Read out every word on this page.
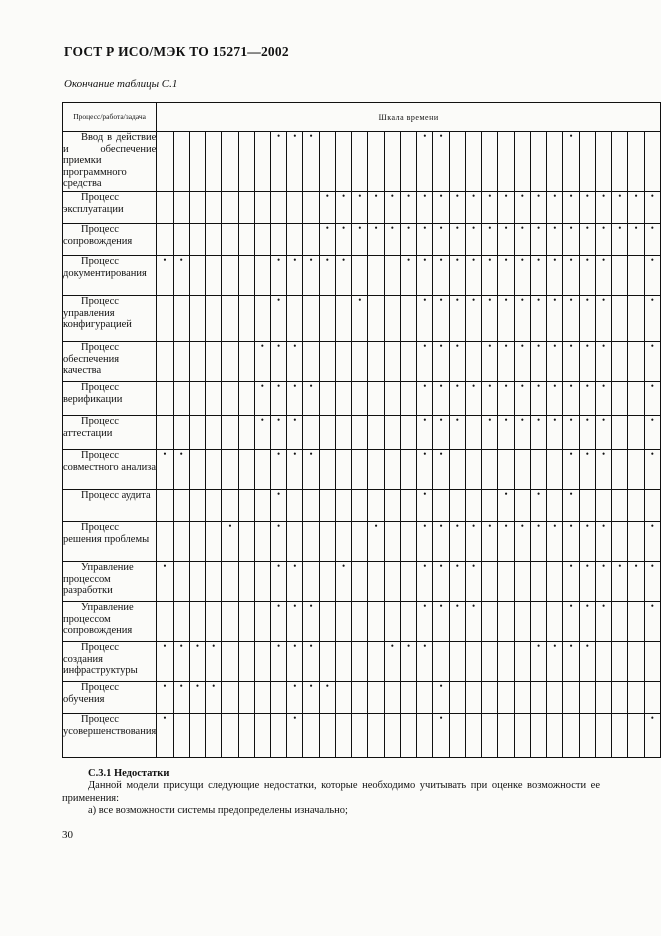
ГОСТ Р ИСО/МЭК ТО 15271—2002
Окончание таблицы С.1
Процесс/работа/задача	Шкала времени																														

Ввод в действие и обеспечение приемки программного средства								•	•	•							•	•								•					

Процесс эксплуатации											•	•	•	•	•	•	•	•	•	•	•	•	•	•	•	•	•	•	•	•	•

Процесс сопровождения											•	•	•	•	•	•	•	•	•	•	•	•	•	•	•	•	•	•	•	•	•

Процесс документирования	•	•						•	•	•	•	•				•	•	•	•	•	•	•	•	•	•	•	•	•			•

Процесс управления конфигурацией								•					•				•	•	•	•	•	•	•	•	•	•	•	•			•

Процесс обеспечения качества							•	•	•								•	•	•		•	•	•	•	•	•	•	•			•

Процесс верификации							•	•	•	•							•	•	•	•	•	•	•	•	•	•	•	•			•

Процесс аттестации							•	•	•								•	•	•		•	•	•	•	•	•	•	•			•

Процесс совместного анализа	•	•						•	•	•							•	•								•	•	•			•

Процесс аудита								•									•					•		•		•					

Процесс решения проблемы					•			•						•			•	•	•	•	•	•	•	•	•	•	•	•			•

Управление процессом разработки	•							•	•			•					•	•	•	•						•	•	•	•	•	•

Управление процессом сопровождения								•	•	•							•	•	•	•						•	•	•			•

Процесс создания инфраструктуры	•	•	•	•				•	•	•					•	•	•							•	•	•	•				

Процесс обучения	•	•	•	•					•	•	•							•													

Процесс усовершенствования	•								•									•													•
С.3.1 Недостатки
Данной модели присущи следующие недостатки, которые необходимо учитывать при оценке возможности ее применения:
а) все возможности системы предопределены изначально;
30
